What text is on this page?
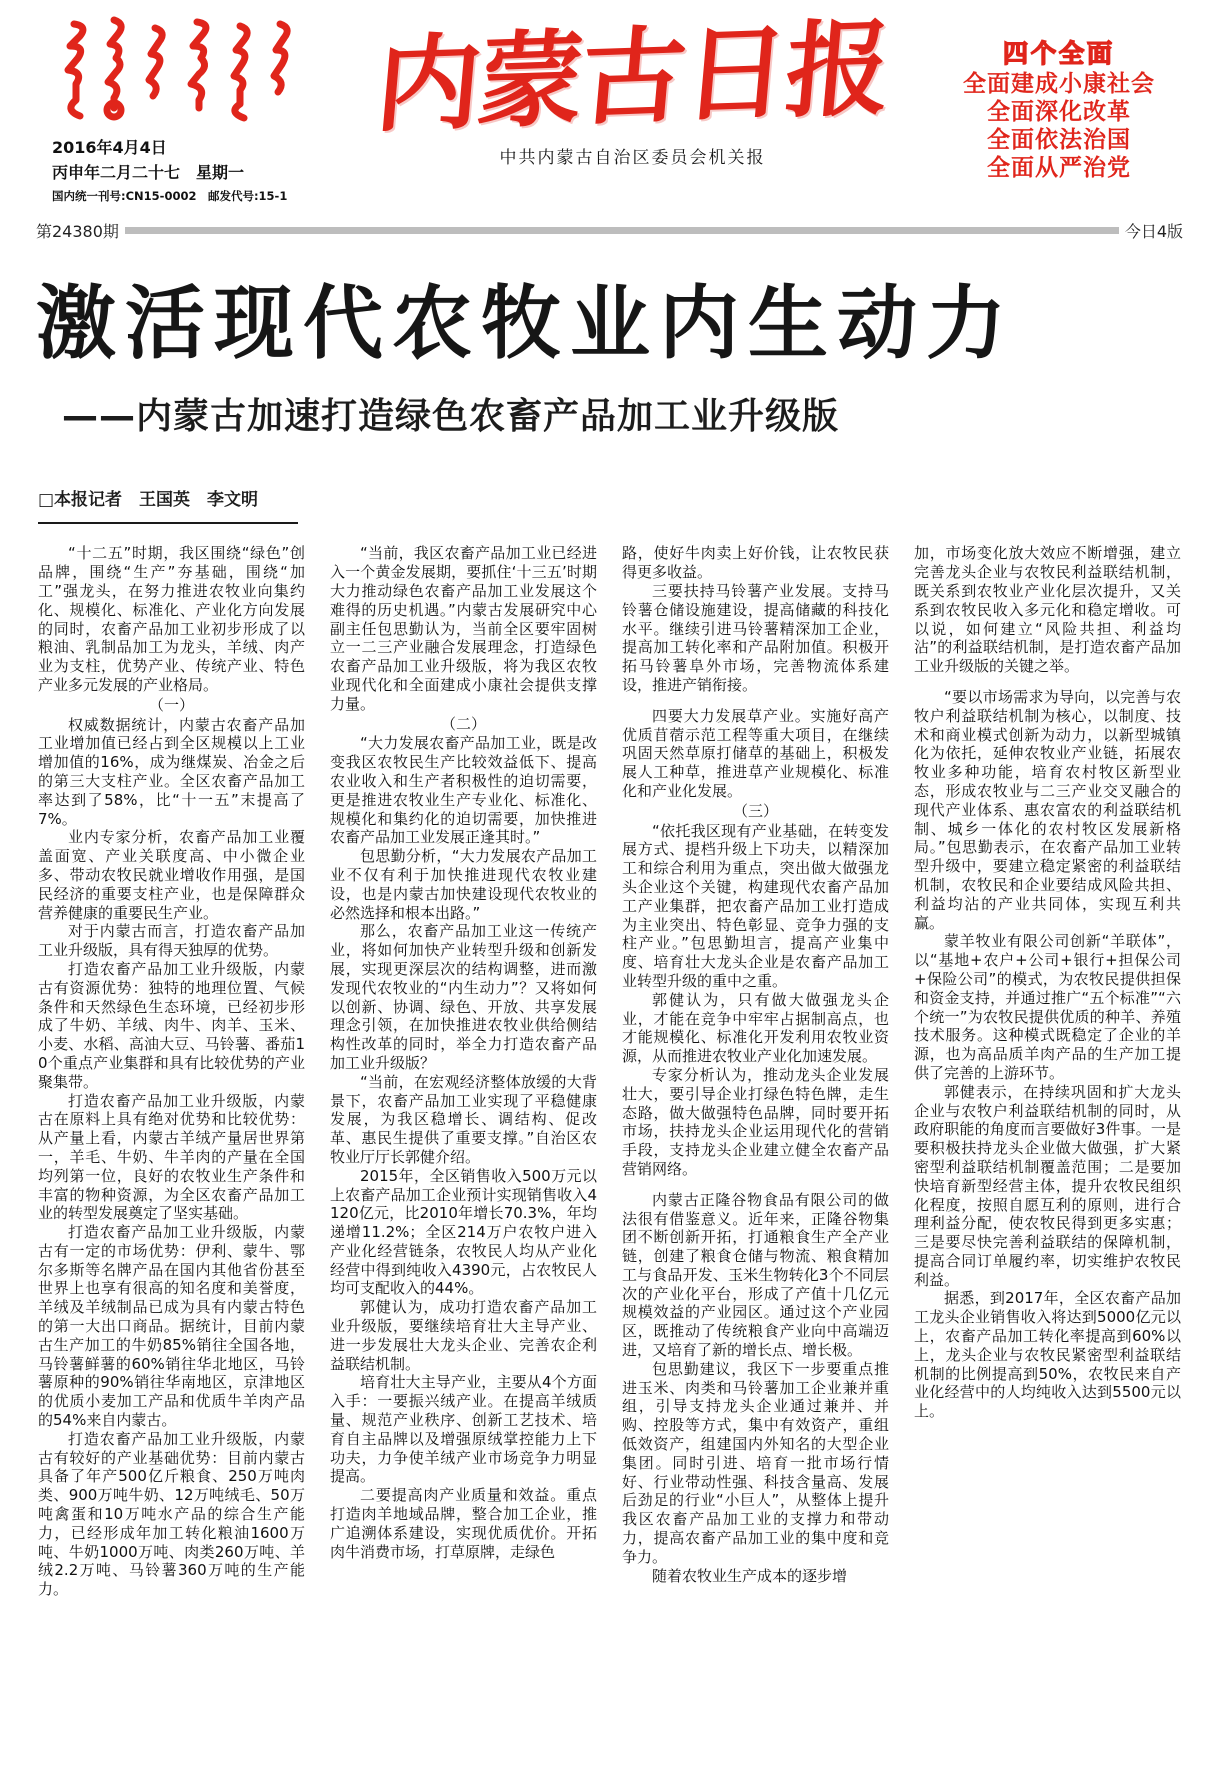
2016年4月4日
丙申年二月二十七　星期一
国内统一刊号:CN15-0002　邮发代号:15-1
内蒙古日报
中共内蒙古自治区委员会机关报
四个全面
全面建成小康社会
全面深化改革
全面依法治国
全面从严治党
第24380期	今日4版
激活现代农牧业内生动力
——内蒙古加速打造绿色农畜产品加工业升级版
□本报记者　王国英　李文明

“十二五”时期，我区围绕“绿色”创品牌，围绕“生产”夯基础，围绕“加工”强龙头，在努力推进农牧业向集约化、规模化、标准化、产业化方向发展的同时，农畜产品加工业初步形成了以粮油、乳制品加工为龙头，羊绒、肉产业为支柱，优势产业、传统产业、特色产业多元发展的产业格局。

（一）

权威数据统计，内蒙古农畜产品加工业增加值已经占到全区规模以上工业增加值的16%，成为继煤炭、冶金之后的第三大支柱产业。全区农畜产品加工率达到了58%，比“十一五”末提高了7%。

业内专家分析，农畜产品加工业覆盖面宽、产业关联度高、中小微企业多、带动农牧民就业增收作用强，是国民经济的重要支柱产业，也是保障群众营养健康的重要民生产业。

对于内蒙古而言，打造农畜产品加工业升级版，具有得天独厚的优势。

打造农畜产品加工业升级版，内蒙古有资源优势：独特的地理位置、气候条件和天然绿色生态环境，已经初步形成了牛奶、羊绒、肉牛、肉羊、玉米、小麦、水稻、高油大豆、马铃薯、番茄10个重点产业集群和具有比较优势的产业聚集带。

打造农畜产品加工业升级版，内蒙古在原料上具有绝对优势和比较优势：从产量上看，内蒙古羊绒产量居世界第一，羊毛、牛奶、牛羊肉的产量在全国均列第一位，良好的农牧业生产条件和丰富的物种资源，为全区农畜产品加工业的转型发展奠定了坚实基础。

打造农畜产品加工业升级版，内蒙古有一定的市场优势：伊利、蒙牛、鄂尔多斯等名牌产品在国内其他省份甚至世界上也享有很高的知名度和美誉度，羊绒及羊绒制品已成为具有内蒙古特色的第一大出口商品。据统计，目前内蒙古生产加工的牛奶85%销往全国各地，马铃薯鲜薯的60%销往华北地区，马铃薯原种的90%销往华南地区，京津地区的优质小麦加工产品和优质牛羊肉产品的54%来自内蒙古。

打造农畜产品加工业升级版，内蒙古有较好的产业基础优势：目前内蒙古具备了年产500亿斤粮食、250万吨肉类、900万吨牛奶、12万吨绒毛、50万吨禽蛋和10万吨水产品的综合生产能力，已经形成年加工转化粮油1600万吨、牛奶1000万吨、肉类260万吨、羊绒2.2万吨、马铃薯360万吨的生产能力。

“当前，我区农畜产品加工业已经进入一个黄金发展期，要抓住‘十三五’时期大力推动绿色农畜产品加工业发展这个难得的历史机遇。”内蒙古发展研究中心副主任包思勤认为，当前全区要牢固树立一二三产业融合发展理念，打造绿色农畜产品加工业升级版，将为我区农牧业现代化和全面建成小康社会提供支撑力量。

（二）

“大力发展农畜产品加工业，既是改变我区农牧民生产比较效益低下、提高农业收入和生产者积极性的迫切需要，更是推进农牧业生产专业化、标准化、规模化和集约化的迫切需要，加快推进农畜产品加工业发展正逢其时。”

包思勤分析，“大力发展农产品加工业不仅有利于加快推进现代农牧业建设，也是内蒙古加快建设现代农牧业的必然选择和根本出路。”

那么，农畜产品加工业这一传统产业，将如何加快产业转型升级和创新发展，实现更深层次的结构调整，进而激发现代农牧业的“内生动力”？又将如何以创新、协调、绿色、开放、共享发展理念引领，在加快推进农牧业供给侧结构性改革的同时，举全力打造农畜产品加工业升级版？

“当前，在宏观经济整体放缓的大背景下，农畜产品加工业实现了平稳健康发展，为我区稳增长、调结构、促改革、惠民生提供了重要支撑。”自治区农牧业厅厅长郭健介绍。

2015年，全区销售收入500万元以上农畜产品加工企业预计实现销售收入4120亿元，比2010年增长70.3%，年均递增11.2%；全区214万户农牧户进入产业化经营链条，农牧民人均从产业化经营中得到纯收入4390元，占农牧民人均可支配收入的44%。

郭健认为，成功打造农畜产品加工业升级版，要继续培育壮大主导产业、进一步发展壮大龙头企业、完善农企利益联结机制。

培育壮大主导产业，主要从4个方面入手：一要振兴绒产业。在提高羊绒质量、规范产业秩序、创新工艺技术、培育自主品牌以及增强原绒掌控能力上下功夫，力争使羊绒产业市场竞争力明显提高。

二要提高肉产业质量和效益。重点打造肉羊地域品牌，整合加工企业，推广追溯体系建设，实现优质优价。开拓肉牛消费市场，打草原牌，走绿色

路，使好牛肉卖上好价钱，让农牧民获得更多收益。

三要扶持马铃薯产业发展。支持马铃薯仓储设施建设，提高储藏的科技化水平。继续引进马铃薯精深加工企业，提高加工转化率和产品附加值。积极开拓马铃薯阜外市场，完善物流体系建设，推进产销衔接。

四要大力发展草产业。实施好高产优质苜蓿示范工程等重大项目，在继续巩固天然草原打储草的基础上，积极发展人工种草，推进草产业规模化、标准化和产业化发展。

（三）

“依托我区现有产业基础，在转变发展方式、提档升级上下功夫，以精深加工和综合利用为重点，突出做大做强龙头企业这个关键，构建现代农畜产品加工产业集群，把农畜产品加工业打造成为主业突出、特色彰显、竞争力强的支柱产业。”包思勤坦言，提高产业集中度、培育壮大龙头企业是农畜产品加工业转型升级的重中之重。

郭健认为，只有做大做强龙头企业，才能在竞争中牢牢占据制高点，也才能规模化、标准化开发利用农牧业资源，从而推进农牧业产业化加速发展。

专家分析认为，推动龙头企业发展壮大，要引导企业打绿色特色牌，走生态路，做大做强特色品牌，同时要开拓市场，扶持龙头企业运用现代化的营销手段，支持龙头企业建立健全农畜产品营销网络。

内蒙古正隆谷物食品有限公司的做法很有借鉴意义。近年来，正隆谷物集团不断创新开拓，打通粮食生产全产业链，创建了粮食仓储与物流、粮食精加工与食品开发、玉米生物转化3个不同层次的产业化平台，形成了产值十几亿元规模效益的产业园区。通过这个产业园区，既推动了传统粮食产业向中高端迈进，又培育了新的增长点、增长极。

包思勤建议，我区下一步要重点推进玉米、肉类和马铃薯加工企业兼并重组，引导支持龙头企业通过兼并、并购、控股等方式，集中有效资产，重组低效资产，组建国内外知名的大型企业集团。同时引进、培育一批市场行情好、行业带动性强、科技含量高、发展后劲足的行业“小巨人”，从整体上提升我区农畜产品加工业的支撑力和带动力，提高农畜产品加工业的集中度和竞争力。

随着农牧业生产成本的逐步增

加，市场变化放大效应不断增强，建立完善龙头企业与农牧民利益联结机制，既关系到农牧业产业化层次提升，又关系到农牧民收入多元化和稳定增收。可以说，如何建立“风险共担、利益均沾”的利益联结机制，是打造农畜产品加工业升级版的关键之举。

“要以市场需求为导向，以完善与农牧户利益联结机制为核心，以制度、技术和商业模式创新为动力，以新型城镇化为依托，延伸农牧业产业链，拓展农牧业多种功能，培育农村牧区新型业态，形成农牧业与二三产业交叉融合的现代产业体系、惠农富农的利益联结机制、城乡一体化的农村牧区发展新格局。”包思勤表示，在农畜产品加工业转型升级中，要建立稳定紧密的利益联结机制，农牧民和企业要结成风险共担、利益均沾的产业共同体，实现互利共赢。

蒙羊牧业有限公司创新“羊联体”，以“基地+农户+公司+银行+担保公司+保险公司”的模式，为农牧民提供担保和资金支持，并通过推广“五个标准”“六个统一”为农牧民提供优质的种羊、养殖技术服务。这种模式既稳定了企业的羊源，也为高品质羊肉产品的生产加工提供了完善的上游环节。

郭健表示，在持续巩固和扩大龙头企业与农牧户利益联结机制的同时，从政府职能的角度而言要做好3件事。一是要积极扶持龙头企业做大做强，扩大紧密型利益联结机制覆盖范围；二是要加快培育新型经营主体，提升农牧民组织化程度，按照自愿互利的原则，进行合理利益分配，使农牧民得到更多实惠；三是要尽快完善利益联结的保障机制，提高合同订单履约率，切实维护农牧民利益。

据悉，到2017年，全区农畜产品加工龙头企业销售收入将达到5000亿元以上，农畜产品加工转化率提高到60%以上，龙头企业与农牧民紧密型利益联结机制的比例提高到50%，农牧民来自产业化经营中的人均纯收入达到5500元以上。
